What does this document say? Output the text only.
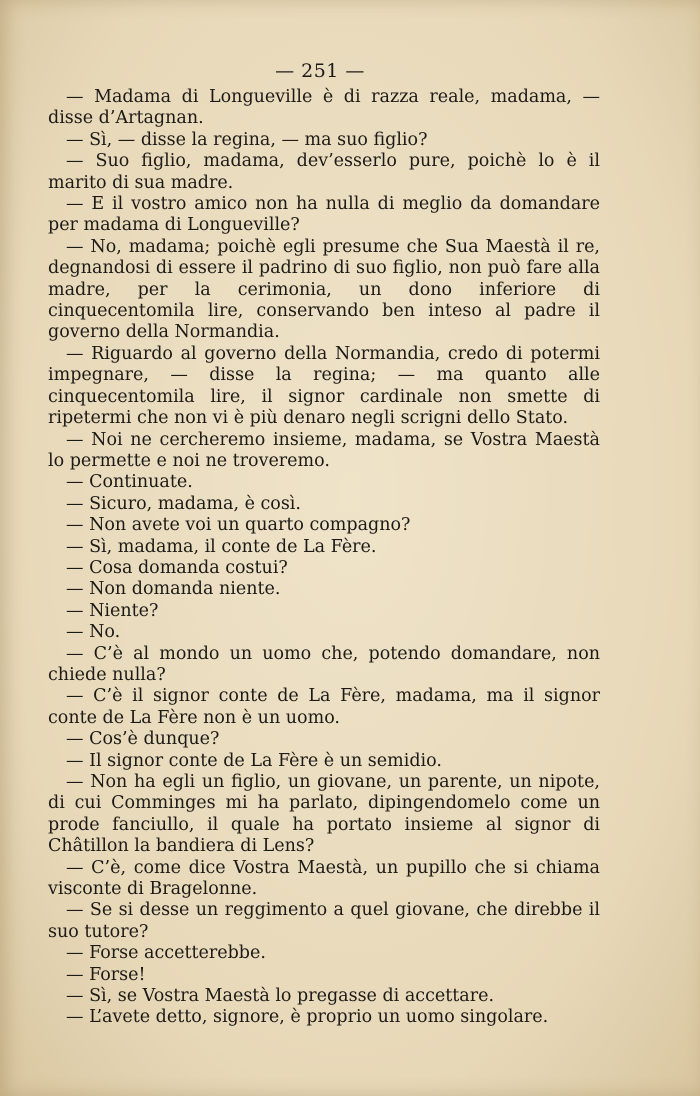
— 251 —

— Madama di Longueville è di razza reale, madama, — disse d’Artagnan.

— Sì, — disse la regina, — ma suo figlio?

— Suo figlio, madama, dev’esserlo pure, poichè lo è il marito di sua madre.

— E il vostro amico non ha nulla di meglio da domandare per madama di Longueville?

— No, madama; poichè egli presume che Sua Maestà il re, degnandosi di essere il padrino di suo figlio, non può fare alla madre, per la cerimonia, un dono inferiore di cinquecentomila lire, conservando ben inteso al padre il governo della Normandia.

— Riguardo al governo della Normandia, credo di potermi impegnare, — disse la regina; — ma quanto alle cinquecentomila lire, il signor cardinale non smette di ripetermi che non vi è più denaro negli scrigni dello Stato.

— Noi ne cercheremo insieme, madama, se Vostra Maestà lo permette e noi ne troveremo.

— Continuate.

— Sicuro, madama, è così.

— Non avete voi un quarto compagno?

— Sì, madama, il conte de La Fère.

— Cosa domanda costui?

— Non domanda niente.

— Niente?

— No.

— C’è al mondo un uomo che, potendo domandare, non chiede nulla?

— C’è il signor conte de La Fère, madama, ma il signor conte de La Fère non è un uomo.

— Cos’è dunque?

— Il signor conte de La Fère è un semidio.

— Non ha egli un figlio, un giovane, un parente, un nipote, di cui Comminges mi ha parlato, dipingendomelo come un prode fanciullo, il quale ha portato insieme al signor di Châtillon la bandiera di Lens?

— C’è, come dice Vostra Maestà, un pupillo che si chiama visconte di Bragelonne.

— Se si desse un reggimento a quel giovane, che direbbe il suo tutore?

— Forse accetterebbe.

— Forse!

— Sì, se Vostra Maestà lo pregasse di accettare.

— L’avete detto, signore, è proprio un uomo singolare.
